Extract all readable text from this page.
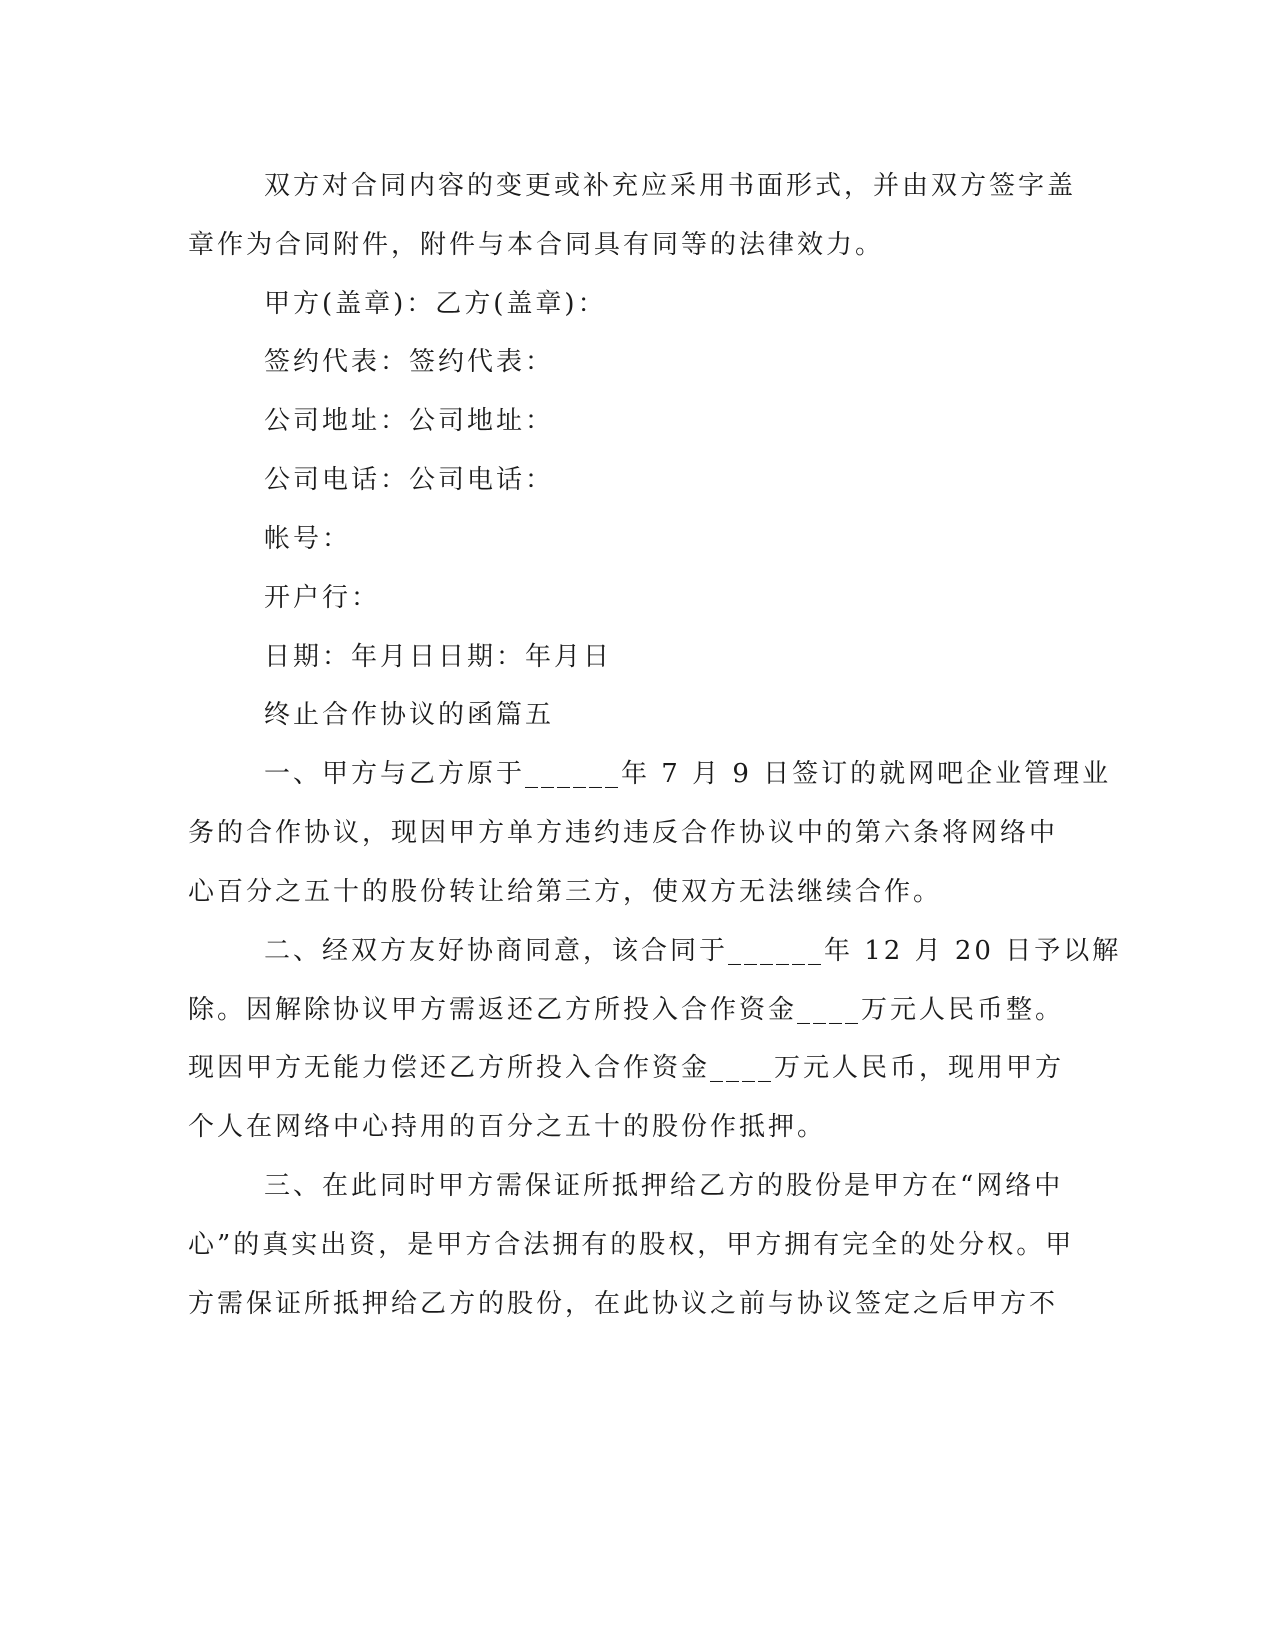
双方对合同内容的变更或补充应采用书面形式，并由双方签字盖
章作为合同附件，附件与本合同具有同等的法律效力。
甲方(盖章)：乙方(盖章)：
签约代表：签约代表：
公司地址：公司地址：
公司电话：公司电话：
帐号：
开户行：
日期：年月日日期：年月日
终止合作协议的函篇五
一、甲方与乙方原于______年 7 月 9 日签订的就网吧企业管理业
务的合作协议，现因甲方单方违约违反合作协议中的第六条将网络中
心百分之五十的股份转让给第三方，使双方无法继续合作。
二、经双方友好协商同意，该合同于______年 12 月 20 日予以解
除。因解除协议甲方需返还乙方所投入合作资金____万元人民币整。
现因甲方无能力偿还乙方所投入合作资金____万元人民币，现用甲方
个人在网络中心持用的百分之五十的股份作抵押。
三、在此同时甲方需保证所抵押给乙方的股份是甲方在“网络中
心”的真实出资，是甲方合法拥有的股权，甲方拥有完全的处分权。甲
方需保证所抵押给乙方的股份，在此协议之前与协议签定之后甲方不
